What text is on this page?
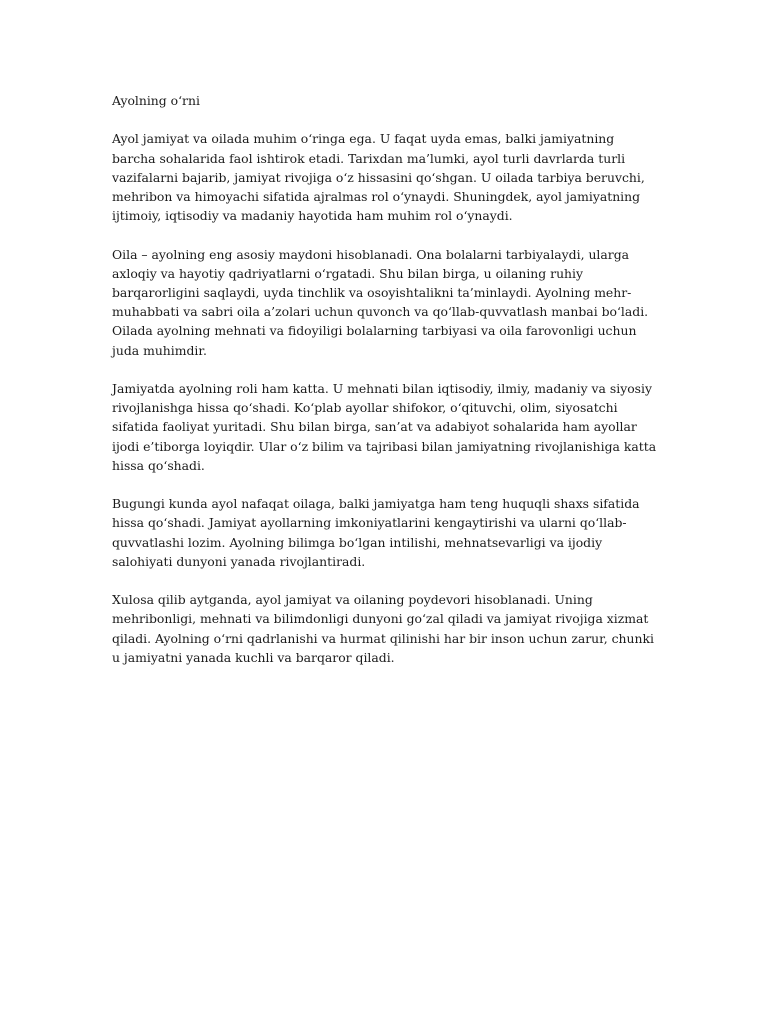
Ayolning o‘rni

Ayol jamiyat va oilada muhim o‘ringa ega. U faqat uyda emas, balki jamiyatning barcha sohalarida faol ishtirok etadi. Tarixdan ma’lumki, ayol turli davrlarda turli vazifalarni bajarib, jamiyat rivojiga o‘z hissasini qo‘shgan. U oilada tarbiya beruvchi, mehribon va himoyachi sifatida ajralmas rol o‘ynaydi. Shuningdek, ayol jamiyatning ijtimoiy, iqtisodiy va madaniy hayotida ham muhim rol o‘ynaydi.

Oila – ayolning eng asosiy maydoni hisoblanadi. Ona bolalarni tarbiyalaydi, ularga axloqiy va hayotiy qadriyatlarni o‘rgatadi. Shu bilan birga, u oilaning ruhiy barqarorligini saqlaydi, uyda tinchlik va osoyishtalikni ta’minlaydi. Ayolning mehr-muhabbati va sabri oila a’zolari uchun quvonch va qo‘llab-quvvatlash manbai bo‘ladi. Oilada ayolning mehnati va fidoyiligi bolalarning tarbiyasi va oila farovonligi uchun juda muhimdir.

Jamiyatda ayolning roli ham katta. U mehnati bilan iqtisodiy, ilmiy, madaniy va siyosiy rivojlanishga hissa qo‘shadi. Ko‘plab ayollar shifokor, o‘qituvchi, olim, siyosatchi sifatida faoliyat yuritadi. Shu bilan birga, san’at va adabiyot sohalarida ham ayollar ijodi e’tiborga loyiqdir. Ular o‘z bilim va tajribasi bilan jamiyatning rivojlanishiga katta hissa qo‘shadi.

Bugungi kunda ayol nafaqat oilaga, balki jamiyatga ham teng huquqli shaxs sifatida hissa qo‘shadi. Jamiyat ayollarning imkoniyatlarini kengaytirishi va ularni qo‘llab-quvvatlashi lozim. Ayolning bilimga bo‘lgan intilishi, mehnatsevarligi va ijodiy salohiyati dunyoni yanada rivojlantiradi.

Xulosa qilib aytganda, ayol jamiyat va oilaning poydevori hisoblanadi. Uning mehribonligi, mehnati va bilimdonligi dunyoni go‘zal qiladi va jamiyat rivojiga xizmat qiladi. Ayolning o‘rni qadrlanishi va hurmat qilinishi har bir inson uchun zarur, chunki u jamiyatni yanada kuchli va barqaror qiladi.
